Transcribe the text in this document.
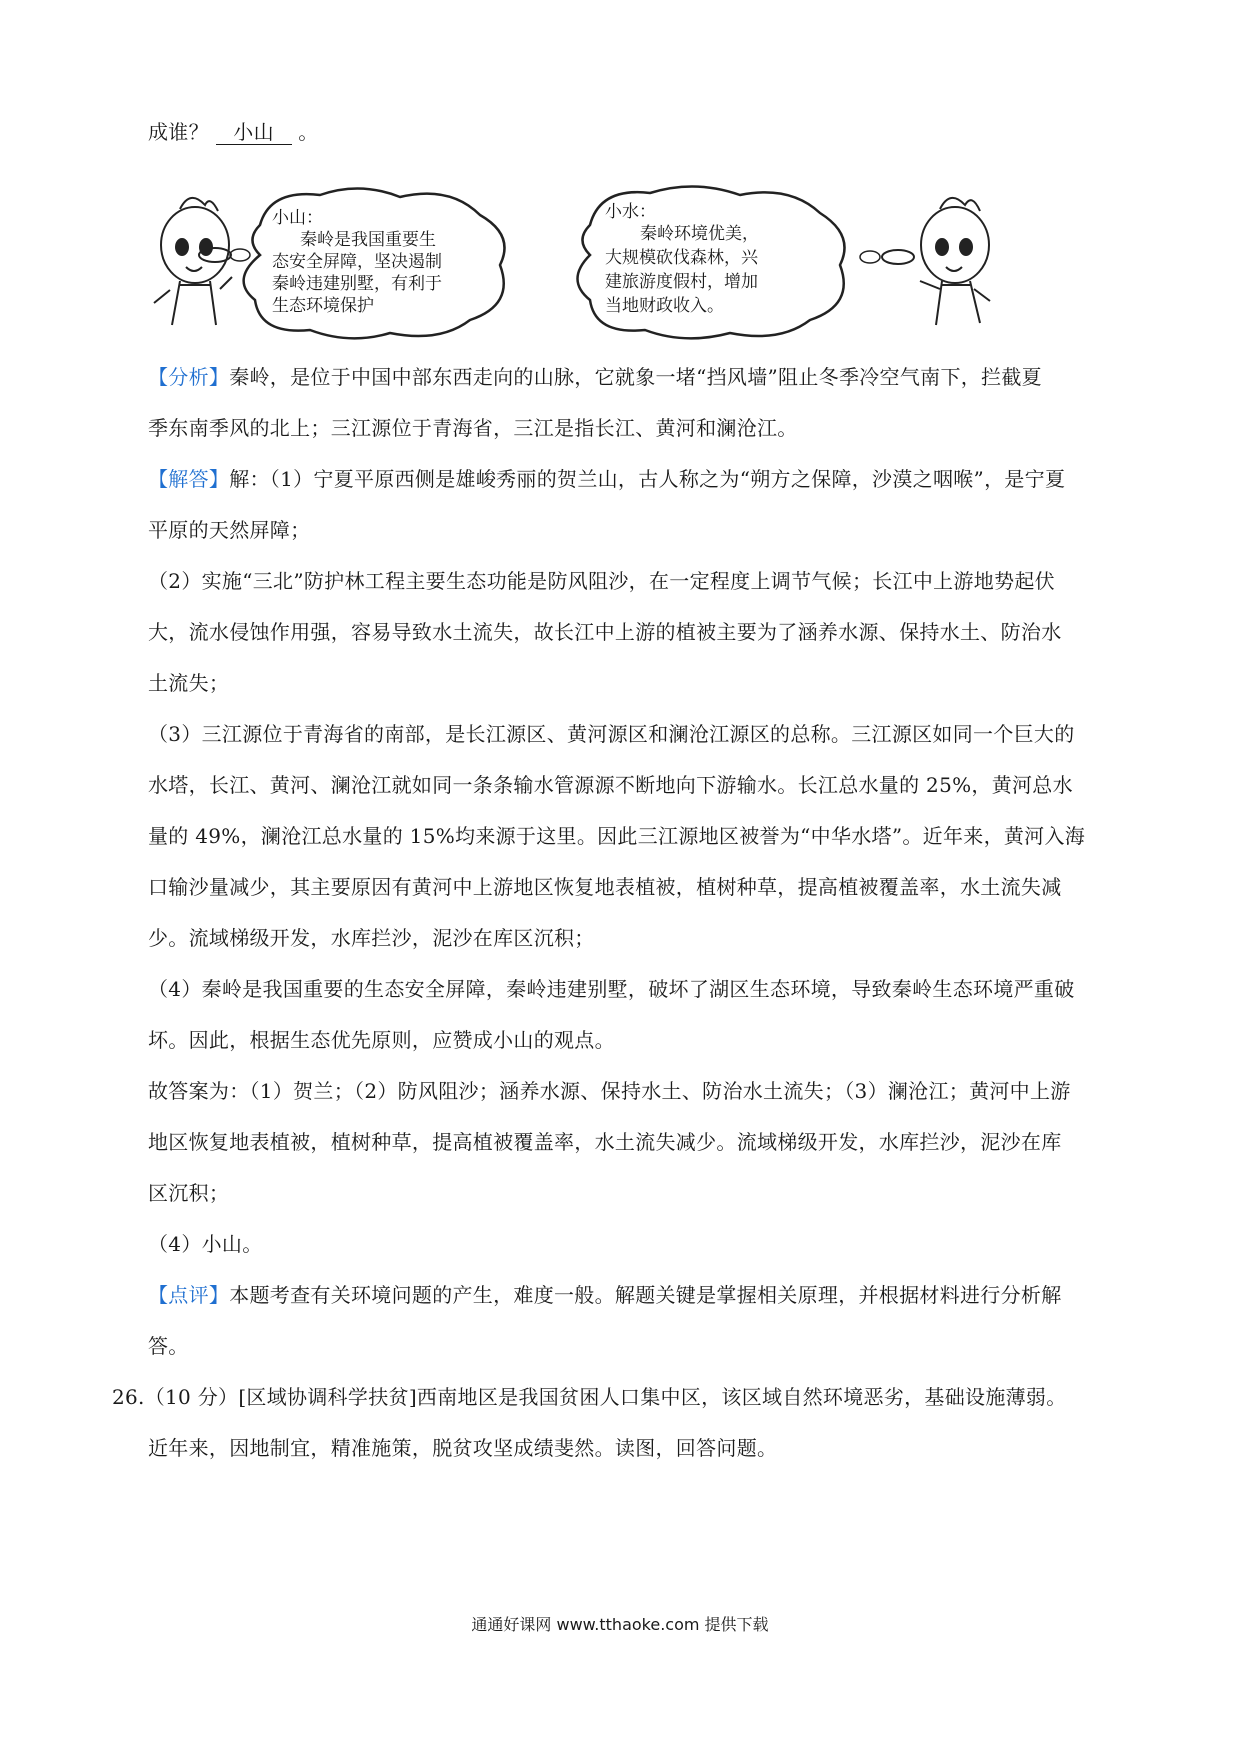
成谁？ 小山 。
小山：
秦岭是我国重要生
态安全屏障，坚决遏制
秦岭违建别墅，有利于
生态环境保护
小水：
秦岭环境优美，
大规模砍伐森林，兴
建旅游度假村，增加
当地财政收入。
【分析】秦岭，是位于中国中部东西走向的山脉，它就象一堵“挡风墙”阻止冬季冷空气南下，拦截夏
季东南季风的北上；三江源位于青海省，三江是指长江、黄河和澜沧江。
【解答】解：（1）宁夏平原西侧是雄峻秀丽的贺兰山，古人称之为“朔方之保障，沙漠之咽喉”，是宁夏
平原的天然屏障；
（2）实施“三北”防护林工程主要生态功能是防风阻沙，在一定程度上调节气候；长江中上游地势起伏
大，流水侵蚀作用强，容易导致水土流失，故长江中上游的植被主要为了涵养水源、保持水土、防治水
土流失；
（3）三江源位于青海省的南部，是长江源区、黄河源区和澜沧江源区的总称。三江源区如同一个巨大的
水塔，长江、黄河、澜沧江就如同一条条输水管源源不断地向下游输水。长江总水量的 25%，黄河总水
量的 49%，澜沧江总水量的 15%均来源于这里。因此三江源地区被誉为“中华水塔”。近年来，黄河入海
口输沙量减少，其主要原因有黄河中上游地区恢复地表植被，植树种草，提高植被覆盖率，水土流失减
少。流域梯级开发，水库拦沙，泥沙在库区沉积；
（4）秦岭是我国重要的生态安全屏障，秦岭违建别墅，破坏了湖区生态环境，导致秦岭生态环境严重破
坏。因此，根据生态优先原则，应赞成小山的观点。
故答案为：（1）贺兰；（2）防风阻沙；涵养水源、保持水土、防治水土流失；（3）澜沧江；黄河中上游
地区恢复地表植被，植树种草，提高植被覆盖率，水土流失减少。流域梯级开发，水库拦沙，泥沙在库
区沉积；
（4）小山。
【点评】本题考查有关环境问题的产生，难度一般。解题关键是掌握相关原理，并根据材料进行分析解
答。
26.（10 分）[区域协调科学扶贫]西南地区是我国贫困人口集中区，该区域自然环境恶劣，基础设施薄弱。
近年来，因地制宜，精准施策，脱贫攻坚成绩斐然。读图，回答问题。
通通好课网 www.tthaoke.com 提供下载
